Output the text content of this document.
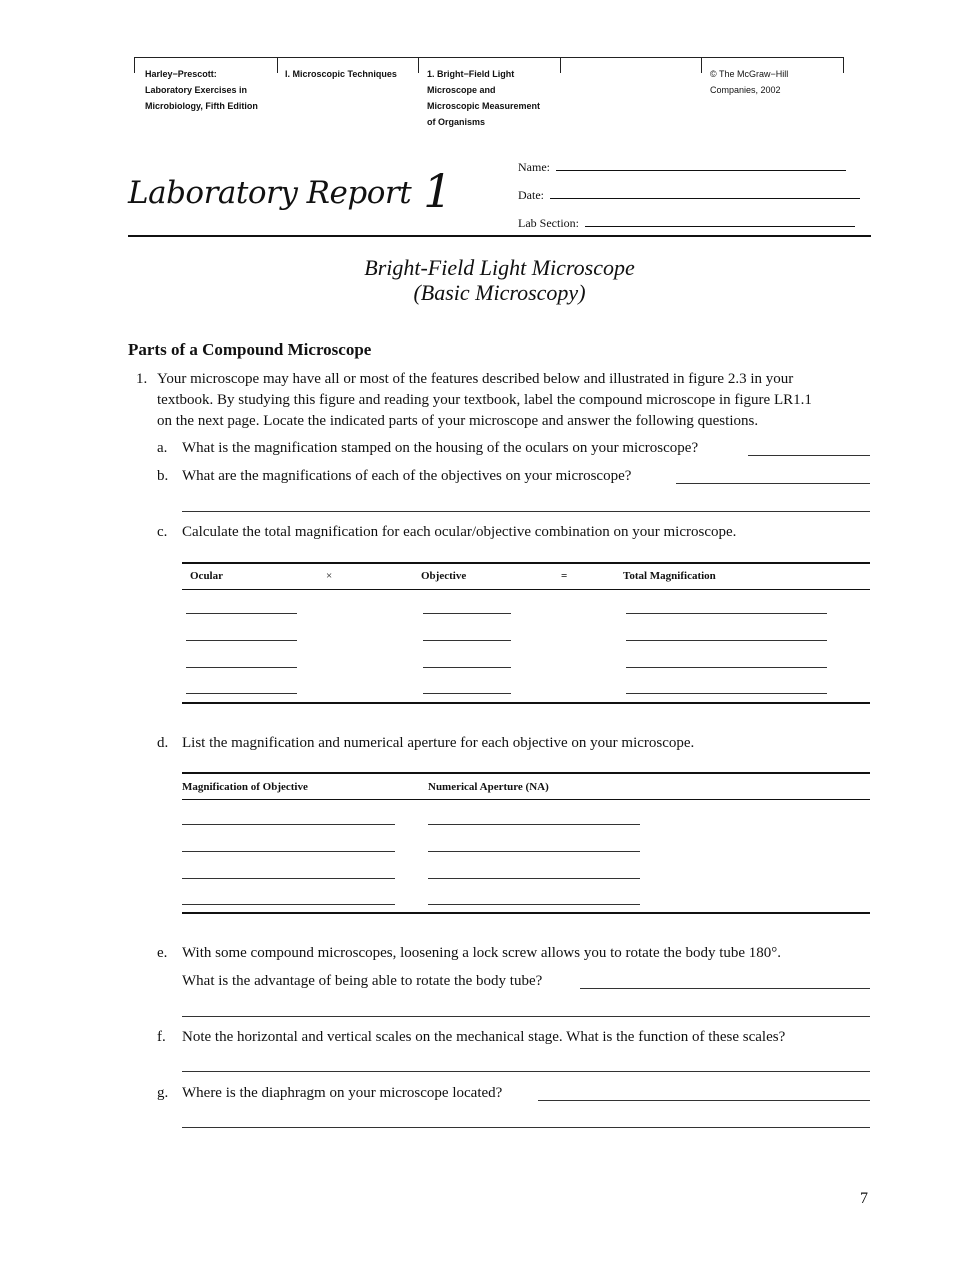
Harley−Prescott:
Laboratory Exercises in
Microbiology, Fifth Edition
I. Microscopic Techniques	1. Bright−Field Light
Microscope and
Microscopic Measurement
of Organisms
© The McGraw−Hill
Companies, 2002
Laboratory Report 1	Name:
Date:
Lab Section:
Bright-Field Light Microscope
(Basic Microscopy)
Parts of a Compound Microscope
1. Your microscope may have all or most of the features described below and illustrated in figure 2.3 in your
textbook. By studying this figure and reading your textbook, label the compound microscope in figure LR1.1
on the next page. Locate the indicated parts of your microscope and answer the following questions.
a. What is the magnification stamped on the housing of the oculars on your microscope?
b. What are the magnifications of each of the objectives on your microscope?
c. Calculate the total magnification for each ocular/objective combination on your microscope.
Ocular	×	Objective	=	Total Magnification
d. List the magnification and numerical aperture for each objective on your microscope.
Magnification of Objective	Numerical Aperture (NA)
e. With some compound microscopes, loosening a lock screw allows you to rotate the body tube 180°.
What is the advantage of being able to rotate the body tube?
f. Note the horizontal and vertical scales on the mechanical stage. What is the function of these scales?
g. Where is the diaphragm on your microscope located?
7
